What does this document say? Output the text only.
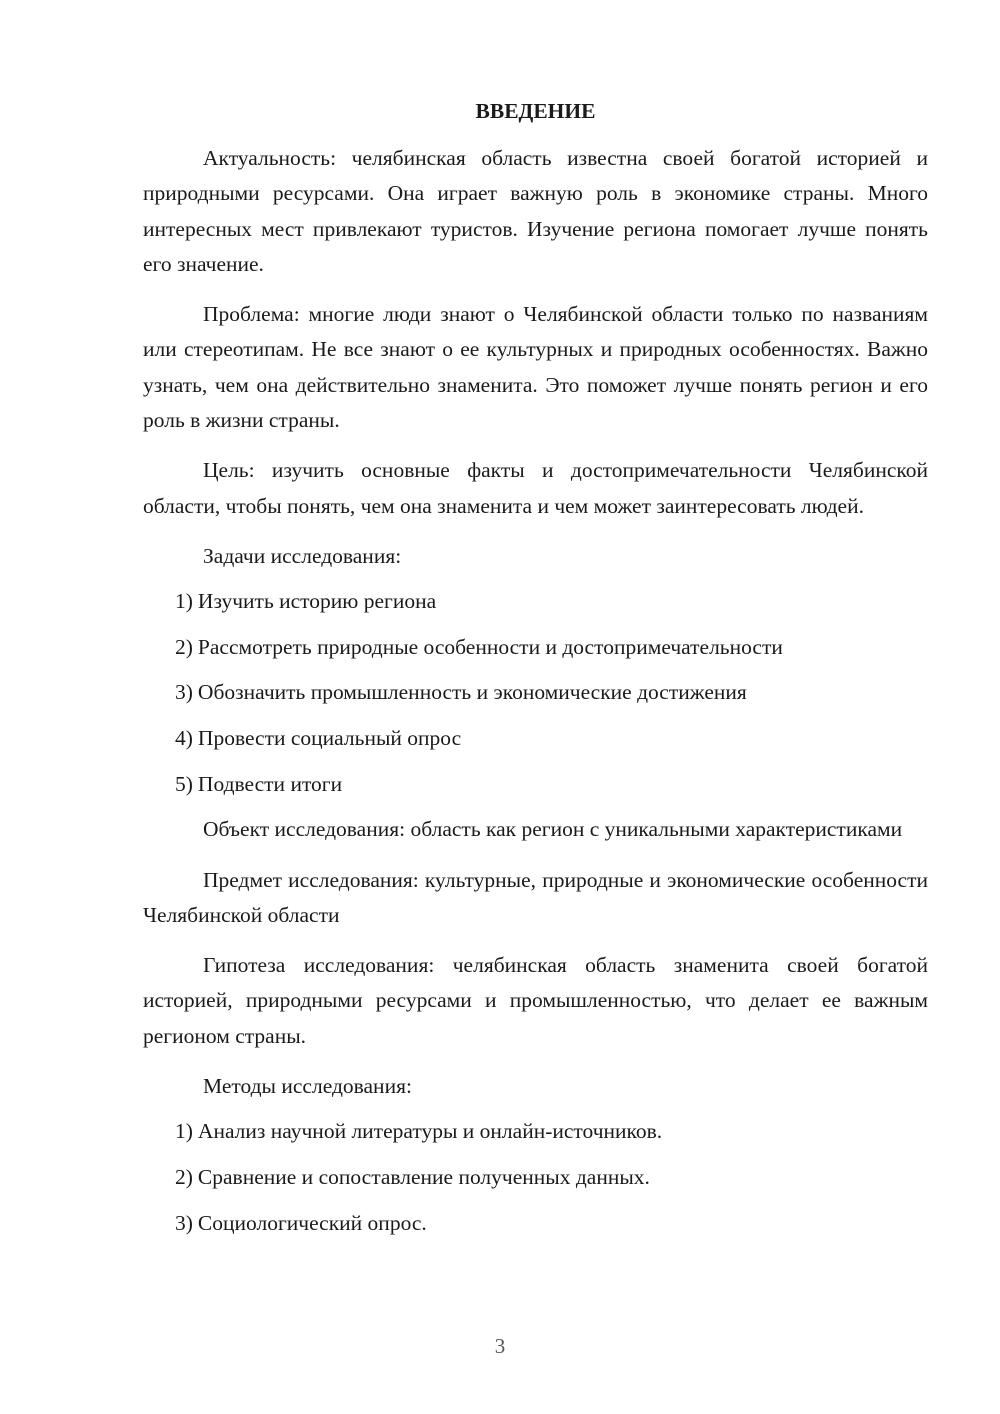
ВВЕДЕНИЕ

Актуальность: челябинская область известна своей богатой историей и природными ресурсами. Она играет важную роль в экономике страны. Много интересных мест привлекают туристов. Изучение региона помогает лучше понять его значение.

Проблема: многие люди знают о Челябинской области только по названиям или стереотипам. Не все знают о ее культурных и природных особенностях. Важно узнать, чем она действительно знаменита. Это поможет лучше понять регион и его роль в жизни страны.

Цель: изучить основные факты и достопримечательности Челябинской области, чтобы понять, чем она знаменита и чем может заинтересовать людей.

Задачи исследования:
1) Изучить историю региона
2) Рассмотреть природные особенности и достопримечательности
3) Обозначить промышленность и экономические достижения
4) Провести социальный опрос
5) Подвести итоги

Объект исследования: область как регион с уникальными характеристиками

Предмет исследования: культурные, природные и экономические особенности Челябинской области

Гипотеза исследования: челябинская область знаменита своей богатой историей, природными ресурсами и промышленностью, что делает ее важным регионом страны.

Методы исследования:
1) Анализ научной литературы и онлайн-источников.
2) Сравнение и сопоставление полученных данных.
3) Социологический опрос.
3
